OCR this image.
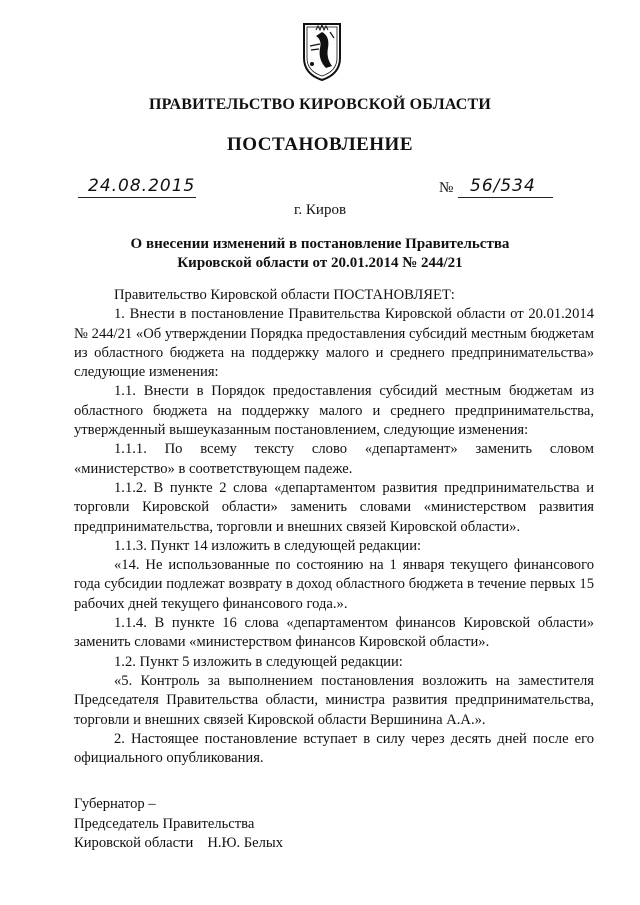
ПРАВИТЕЛЬСТВО КИРОВСКОЙ ОБЛАСТИ
ПОСТАНОВЛЕНИЕ
24.08.2015	№ 56/534
г. Киров
О внесении изменений в постановление Правительства
Кировской области от 20.01.2014 № 244/21

Правительство Кировской области ПОСТАНОВЛЯЕТ:

1. Внести в постановление Правительства Кировской области от 20.01.2014 № 244/21 «Об утверждении Порядка предоставления субсидий местным бюджетам из областного бюджета на поддержку малого и среднего предпринимательства» следующие изменения:

1.1. Внести в Порядок предоставления субсидий местным бюджетам из областного бюджета на поддержку малого и среднего предпринимательства, утвержденный вышеуказанным постановлением, следующие изменения:

1.1.1. По всему тексту слово «департамент» заменить словом «министерство» в соответствующем падеже.

1.1.2. В пункте 2 слова «департаментом развития предпринимательства и торговли Кировской области» заменить словами «министерством развития предпринимательства, торговли и внешних связей Кировской области».

1.1.3. Пункт 14 изложить в следующей редакции:

«14. Не использованные по состоянию на 1 января текущего финансового года субсидии подлежат возврату в доход областного бюджета в течение первых 15 рабочих дней текущего финансового года.».

1.1.4. В пункте 16 слова «департаментом финансов Кировской области» заменить словами «министерством финансов Кировской области».

1.2. Пункт 5 изложить в следующей редакции:

«5. Контроль за выполнением постановления возложить на заместителя Председателя Правительства области, министра развития предпринимательства, торговли и внешних связей Кировской области Вершинина А.А.».

2. Настоящее постановление вступает в силу через десять дней после его официального опубликования.

Губернатор –
Председатель Правительства
Кировской области Н.Ю. Белых
